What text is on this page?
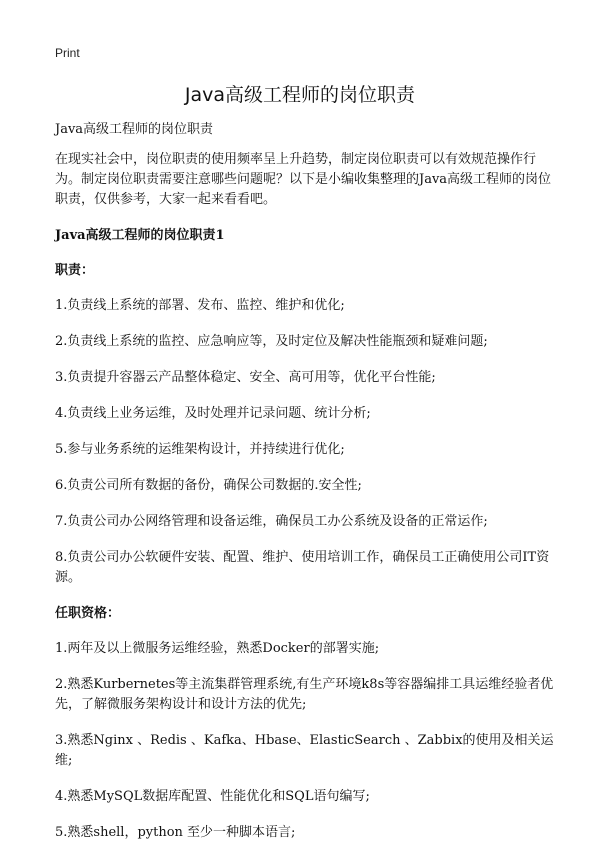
Print
Java高级工程师的岗位职责

Java高级工程师的岗位职责

在现实社会中，岗位职责的使用频率呈上升趋势，制定岗位职责可以有效规范操作行为。制定岗位职责需要注意哪些问题呢？以下是小编收集整理的Java高级工程师的岗位职责，仅供参考，大家一起来看看吧。

Java高级工程师的岗位职责1

职责：

1.负责线上系统的部署、发布、监控、维护和优化;

2.负责线上系统的监控、应急响应等，及时定位及解决性能瓶颈和疑难问题;

3.负责提升容器云产品整体稳定、安全、高可用等，优化平台性能;

4.负责线上业务运维，及时处理并记录问题、统计分析;

5.参与业务系统的运维架构设计，并持续进行优化;

6.负责公司所有数据的备份，确保公司数据的.安全性;

7.负责公司办公网络管理和设备运维，确保员工办公系统及设备的正常运作;

8.负责公司办公软硬件安装、配置、维护、使用培训工作，确保员工正确使用公司IT资源。

任职资格：

1.两年及以上微服务运维经验，熟悉Docker的部署实施;

2.熟悉Kurbernetes等主流集群管理系统,有生产环境k8s等容器编排工具运维经验者优先，了解微服务架构设计和设计方法的优先;

3.熟悉Nginx 、Redis 、Kafka、Hbase、ElasticSearch 、Zabbix的使用及相关运维;

4.熟悉MySQL数据库配置、性能优化和SQL语句编写;

5.熟悉shell，python 至少一种脚本语言;
